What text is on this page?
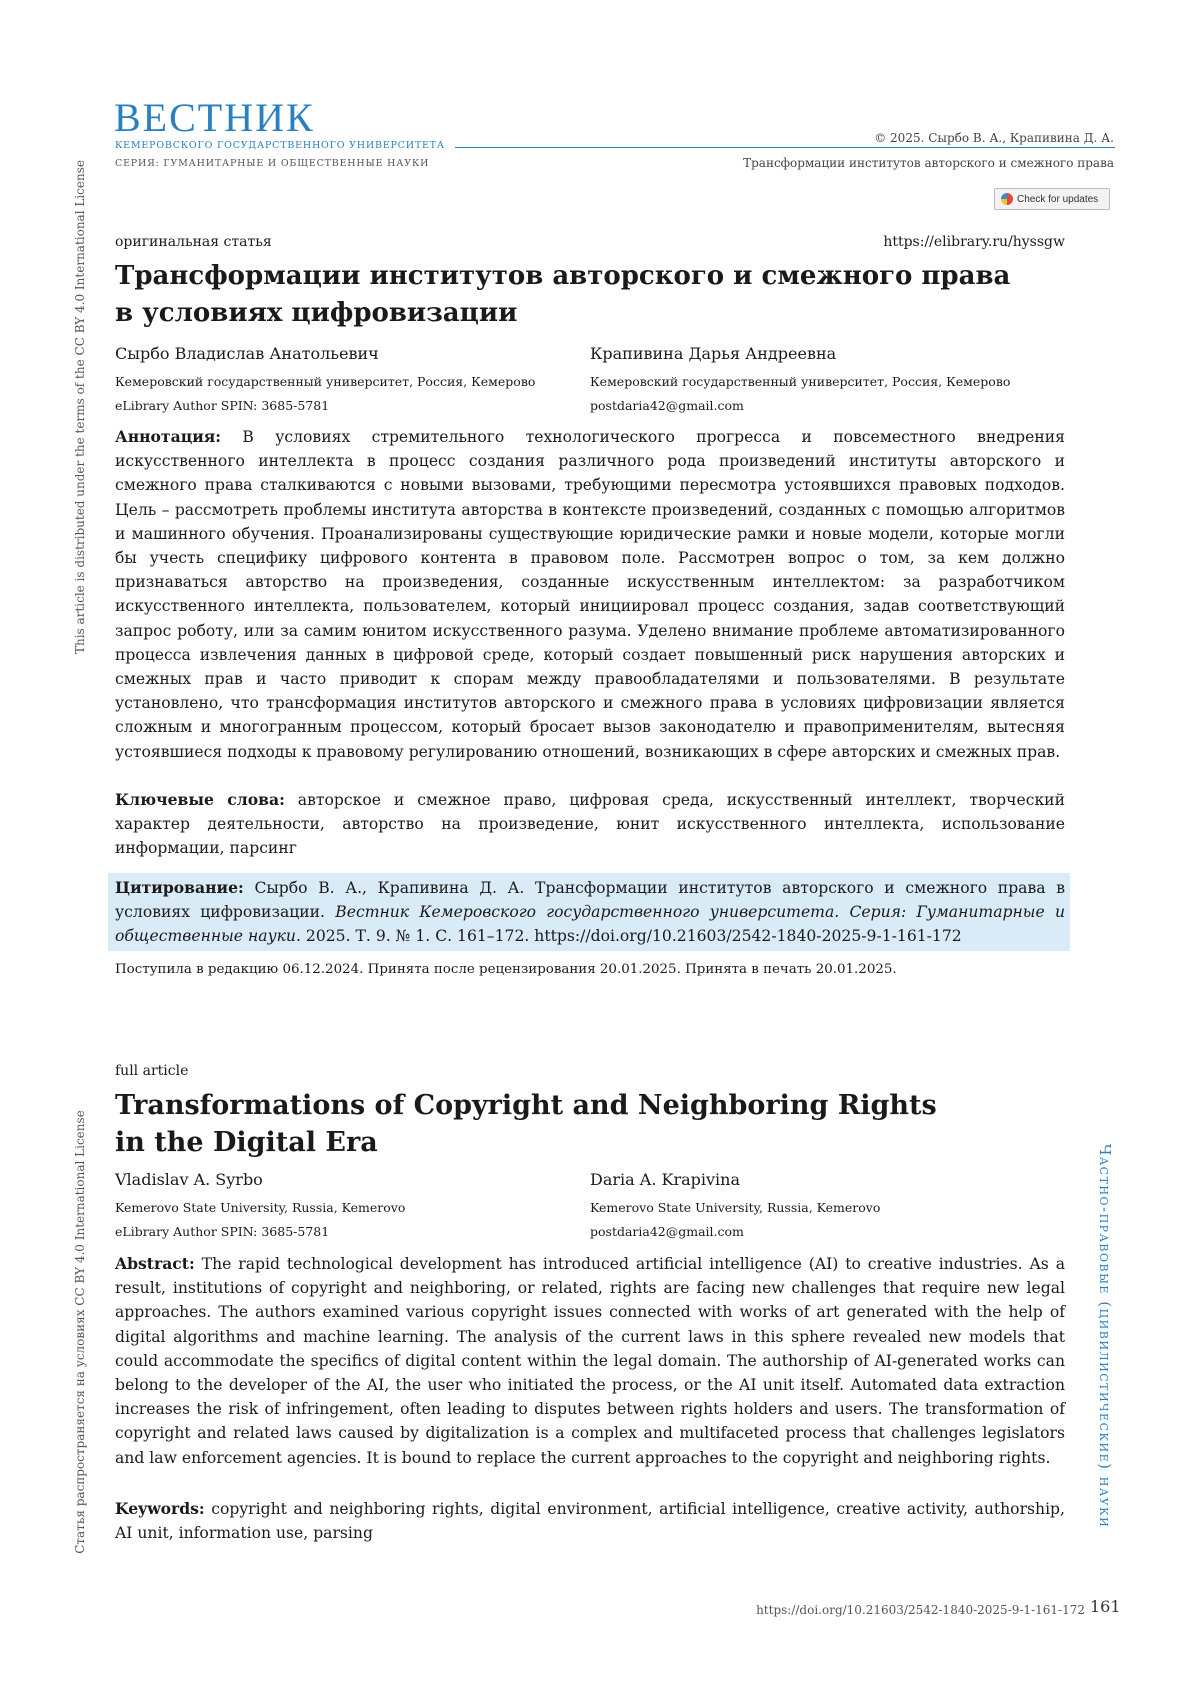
ВЕСТНИК
КЕМЕРОВСКОГО ГОСУДАРСТВЕННОГО УНИВЕРСИТЕТА
СЕРИЯ: ГУМАНИТАРНЫЕ И ОБЩЕСТВЕННЫЕ НАУКИ
© 2025. Сырбо В. А., Крапивина Д. А.
Трансформации институтов авторского и смежного права
Check for updates
This article is distributed under the terms of the CC BY 4.0 International License
Статья распространяется на условиях CC BY 4.0 International License	Частно-правовые (цивилистические) науки
оригинальная статья	https://elibrary.ru/hyssgw
Трансформации институтов авторского и смежного права
в условиях цифровизации
Сырбо Владислав Анатольевич
Кемеровский государственный университет, Россия, Кемерово
eLibrary Author SPIN: 3685-5781
Крапивина Дарья Андреевна
Кемеровский государственный университет, Россия, Кемерово
postdaria42@gmail.com
Аннотация: В условиях стремительного технологического прогресса и повсеместного внедрения искусственного интеллекта в процесс создания различного рода произведений институты авторского и смежного права сталкиваются с новыми вызовами, требующими пересмотра устоявшихся правовых подходов. Цель – рассмотреть проблемы института авторства в контексте произведений, созданных с помощью алгоритмов и машинного обучения. Проанализированы существующие юридические рамки и новые модели, которые могли бы учесть специфику цифрового контента в правовом поле. Рассмотрен вопрос о том, за кем должно признаваться авторство на произведения, созданные искусственным интеллектом: за разработчиком искусственного интеллекта, пользователем, который инициировал процесс создания, задав соответствующий запрос роботу, или за самим юнитом искусственного разума. Уделено внимание проблеме автоматизированного процесса извлечения данных в цифровой среде, который создает повышенный риск нарушения авторских и смежных прав и часто приводит к спорам между правообладателями и пользователями. В результате установлено, что трансформация институтов авторского и смежного права в условиях цифровизации является сложным и многогранным процессом, который бросает вызов законодателю и правоприменителям, вытесняя устоявшиеся подходы к правовому регулированию отношений, возникающих в сфере авторских и смежных прав.
Ключевые слова: авторское и смежное право, цифровая среда, искусственный интеллект, творческий характер деятельности, авторство на произведение, юнит искусственного интеллекта, использование информации, парсинг
Цитирование: Сырбо В. А., Крапивина Д. А. Трансформации институтов авторского и смежного права в условиях цифровизации. Вестник Кемеровского государственного университета. Серия: Гуманитарные и общественные науки. 2025. Т. 9. № 1. С. 161–172. https://doi.org/10.21603/2542-1840-2025-9-1-161-172
Поступила в редакцию 06.12.2024. Принята после рецензирования 20.01.2025. Принята в печать 20.01.2025.
full article
Transformations of Copyright and Neighboring Rights
in the Digital Era
Vladislav A. Syrbo
Kemerovo State University, Russia, Kemerovo
eLibrary Author SPIN: 3685-5781
Daria A. Krapivina
Kemerovo State University, Russia, Kemerovo
postdaria42@gmail.com
Abstract: The rapid technological development has introduced artificial intelligence (AI) to creative industries. As a result, institutions of copyright and neighboring, or related, rights are facing new challenges that require new legal approaches. The authors examined various copyright issues connected with works of art generated with the help of digital algorithms and machine learning. The analysis of the current laws in this sphere revealed new models that could accommodate the specifics of digital content within the legal domain. The authorship of AI-generated works can belong to the developer of the AI, the user who initiated the process, or the AI unit itself. Automated data extraction increases the risk of infringement, often leading to disputes between rights holders and users. The transformation of copyright and related laws caused by digitalization is a complex and multifaceted process that challenges legislators and law enforcement agencies. It is bound to replace the current approaches to the copyright and neighboring rights.
Keywords: copyright and neighboring rights, digital environment, artificial intelligence, creative activity, authorship, AI unit, information use, parsing
https://doi.org/10.21603/2542-1840-2025-9-1-161-172 161
